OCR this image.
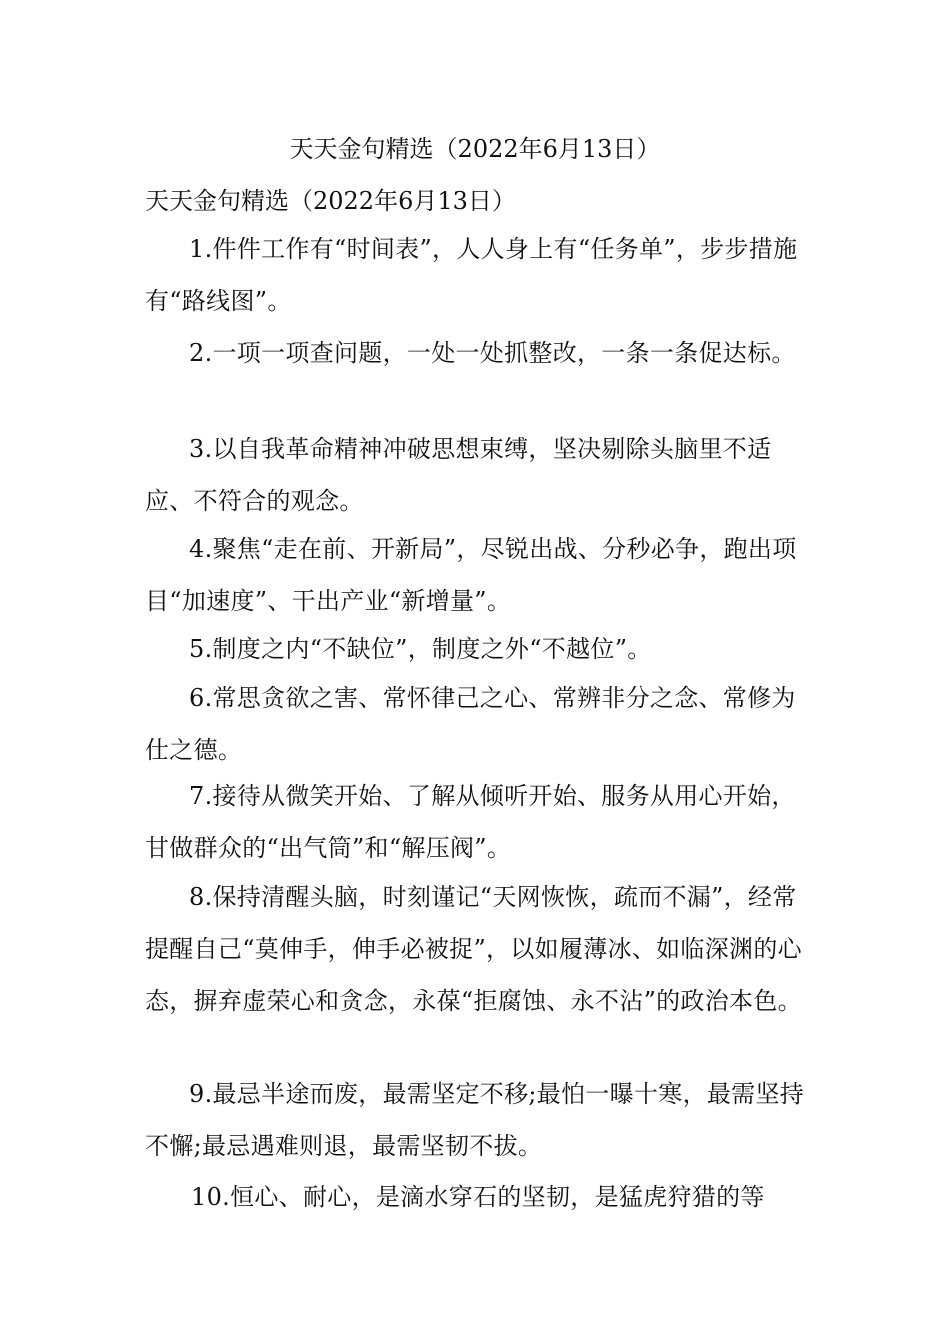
天天金句精选（2022年6月13日）
天天金句精选（2022年6月13日）

1.件件工作有“时间表”，人人身上有“任务单”，步步措施有“路线图”。

2.一项一项查问题，一处一处抓整改，一条一条促达标。

3.以自我革命精神冲破思想束缚，坚决剔除头脑里不适应、不符合的观念。

4.聚焦“走在前、开新局”，尽锐出战、分秒必争，跑出项目“加速度”、干出产业“新增量”。

5.制度之内“不缺位”，制度之外“不越位”。

6.常思贪欲之害、常怀律己之心、常辨非分之念、常修为仕之德。

7.接待从微笑开始、了解从倾听开始、服务从用心开始，甘做群众的“出气筒”和“解压阀”。

8.保持清醒头脑，时刻谨记“天网恢恢，疏而不漏”，经常提醒自己“莫伸手，伸手必被捉”，以如履薄冰、如临深渊的心态，摒弃虚荣心和贪念，永葆“拒腐蚀、永不沾”的政治本色。

9.最忌半途而废，最需坚定不移;最怕一曝十寒，最需坚持不懈;最忌遇难则退，最需坚韧不拔。

10.恒心、耐心，是滴水穿石的坚韧，是猛虎狩猎的等
